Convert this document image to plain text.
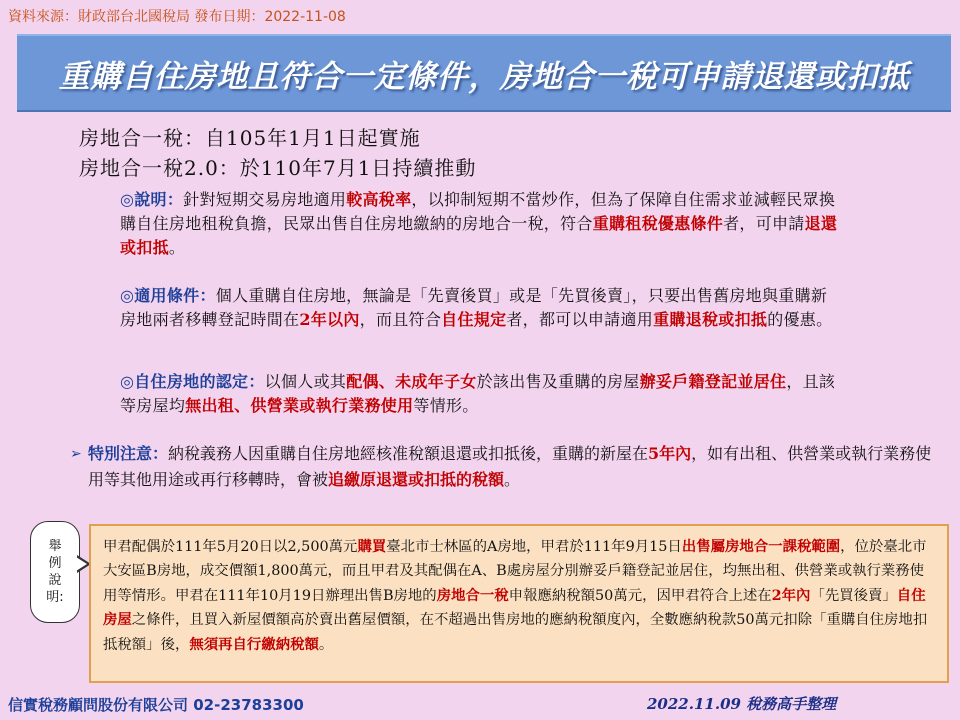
資料來源：財政部台北國稅局 發布日期：2022-11-08
重購自住房地且符合一定條件，房地合一稅可申請退還或扣抵
房地合一稅：自105年1月1日起實施
房地合一稅2.0：於110年7月1日持續推動
◎說明：針對短期交易房地適用較高稅率，以抑制短期不當炒作，但為了保障自住需求並減輕民眾換購自住房地租稅負擔，民眾出售自住房地繳納的房地合一稅，符合重購租稅優惠條件者，可申請退還或扣抵。
◎適用條件：個人重購自住房地，無論是「先賣後買」或是「先買後賣」，只要出售舊房地與重購新房地兩者移轉登記時間在2年以內，而且符合自住規定者，都可以申請適用重購退稅或扣抵的優惠。
◎自住房地的認定：以個人或其配偶、未成年子女於該出售及重購的房屋辦妥戶籍登記並居住，且該等房屋均無出租、供營業或執行業務使用等情形。
➢ 特別注意：納稅義務人因重購自住房地經核准稅額退還或扣抵後，重購的新屋在5年內，如有出租、供營業或執行業務使用等其他用途或再行移轉時，會被追繳原退還或扣抵的稅額。
舉
例
說
明:
甲君配偶於111年5月20日以2,500萬元購買臺北市士林區的A房地，甲君於111年9月15日出售屬房地合一課稅範圍，位於臺北市大安區B房地，成交價額1,800萬元，而且甲君及其配偶在A、B處房屋分別辦妥戶籍登記並居住，均無出租、供營業或執行業務使用等情形。甲君在111年10月19日辦理出售B房地的房地合一稅申報應納稅額50萬元，因甲君符合上述在2年內「先買後賣」自住房屋之條件，且買入新屋價額高於賣出舊屋價額，在不超過出售房地的應納稅額度內，全數應納稅款50萬元扣除「重購自住房地扣抵稅額」後，無須再自行繳納稅額。
信實稅務顧問股份有限公司 02-23783300	2022.11.09 稅務高手整理
